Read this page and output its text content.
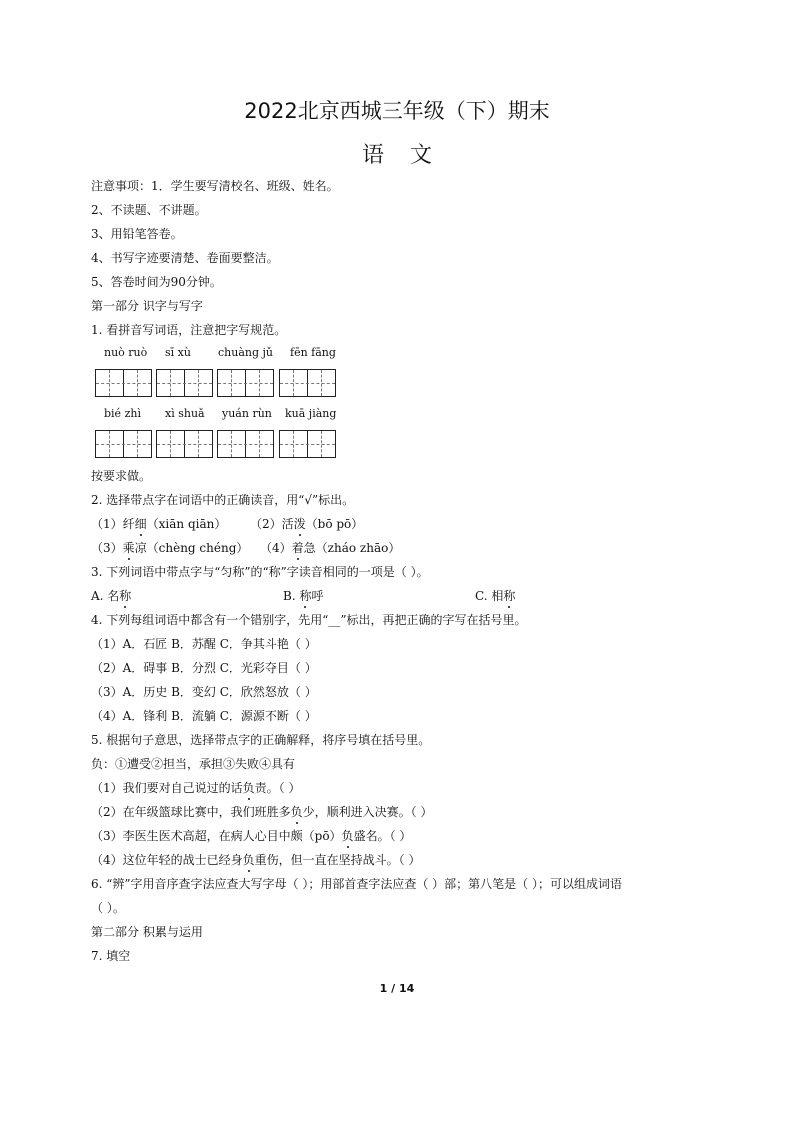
2022北京西城三年级（下）期末
语文
注意事项：1．学生要写清校名、班级、姓名。
2、不读题、不讲题。
3、用铅笔答卷。
4、书写字迹要清楚、卷面要整洁。
5、答卷时间为90分钟。
第一部分 识字与写字
1. 看拼音写词语，注意把字写规范。
nuò ruò sī xù chuàng jǔ fēn fāng
bié zhì xì shuǎ yuán rùn kuā jiàng
按要求做。
2. 选择带点字在词语中的正确读音，用“√”标出。
（1）纤细（xiān qiān） （2）活泼（bō pō）
（3）乘凉（chèng chéng） （4）着急（zháo zhāo）
3. 下列词语中带点字与“匀称”的“称”字读音相同的一项是（ ）。
A. 名称	B. 称呼	C. 相称
4. 下列每组词语中都含有一个错别字，先用“__”标出，再把正确的字写在括号里。
（1）A．石匠 B．苏醒 C．争其斗艳（ ）
（2）A．碍事 B．分烈 C．光彩夺目（ ）
（3）A．历史 B．变幻 C．欣然怒放（ ）
（4）A．锋利 B．流躺 C．源源不断（ ）
5. 根据句子意思，选择带点字的正确解释，将序号填在括号里。
负：①遭受②担当，承担③失败④具有
（1）我们要对自己说过的话负责。（ ）
（2）在年级篮球比赛中，我们班胜多负少，顺利进入决赛。（ ）
（3）李医生医术高超，在病人心目中颇（pō）负盛名。（ ）
（4）这位年轻的战士已经身负重伤，但一直在坚持战斗。（ ）
6. “辨”字用音序查字法应查大写字母（ ）；用部首查字法应查（ ）部；第八笔是（ ）；可以组成词语
（ ）。
第二部分 积累与运用
7. 填空
1 / 14
